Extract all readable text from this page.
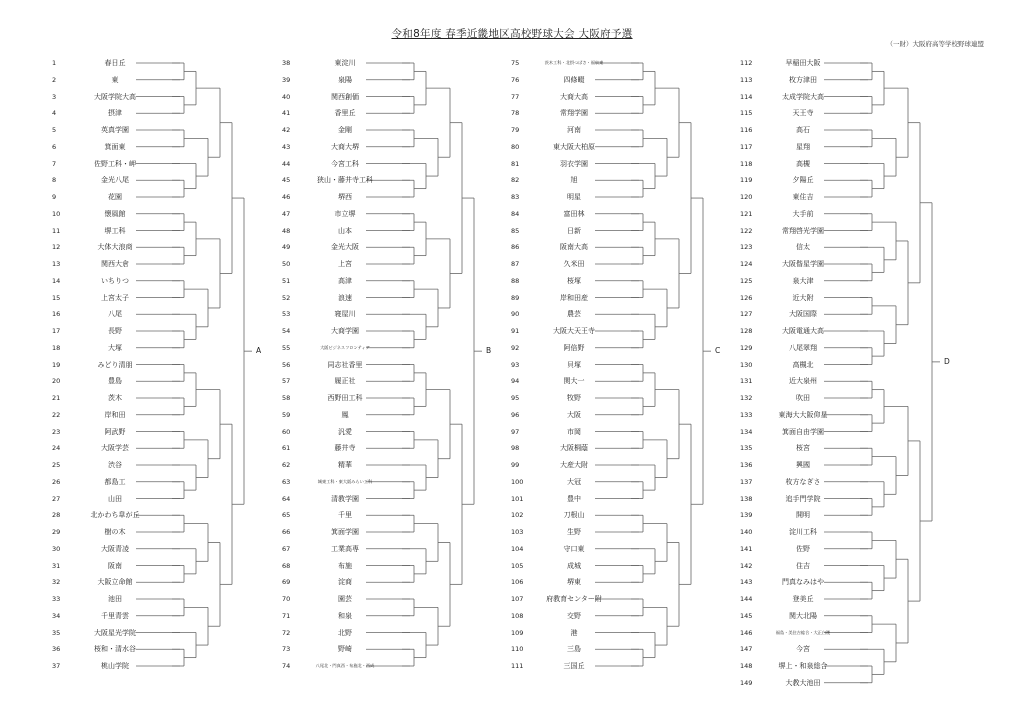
令和8年度 春季近畿地区高校野球大会 大阪府予選
（一財）大阪府高等学校野球連盟
1	春日丘
2	東
3	大阪学院大高
4	摂津
5	英真学園
6	箕面東
7	佐野工科・岬
8	金光八尾
9	花園
10	懐風館
11	堺工科
12	大体大浪商
13	関西大倉
14	いちりつ
15	上宮太子
16	八尾
17	長野
18	大塚
19	みどり清朋
20	豊島
21	茨木
22	岸和田
23	阿武野
24	大阪学芸
25	渋谷
26	都島工
27	山田
28	北かわち皐が丘
29	樹の木
30	大阪青凌
31	阪南
32	大阪立命館
33	池田
34	千里青雲
35	大阪星光学院
36	桜和・清水谷
37	桃山学院
A
38	東淀川
39	泉陽
40	関西創価
41	香里丘
42	金剛
43	大商大堺
44	今宮工科
45	狭山・藤井寺工科
46	堺西
47	市立堺
48	山本
49	金光大阪
50	上宮
51	高津
52	浪速
53	寝屋川
54	大商学園
55	大阪ビジネスフロンティア
56	同志社香里
57	履正社
58	西野田工科
59	鳳
60	汎愛
61	藤井寺
62	精華
63	城東工科・東大阪みらい工科
64	清教学園
65	千里
66	箕面学園
67	工業高専
68	布施
69	淀商
70	園芸
71	和泉
72	北野
73	野崎
74	八尾北・門真西・布施北・西成
B
75	茨木工科・北摂つばさ・福泉東
76	四條畷
77	大商大高
78	常翔学園
79	河南
80	東大阪大柏原
81	羽衣学園
82	旭
83	明星
84	富田林
85	日新
86	阪南大高
87	久米田
88	桜塚
89	岸和田産
90	農芸
91	大阪大天王寺
92	阿倍野
93	貝塚
94	関大一
95	牧野
96	大阪
97	市岡
98	大阪桐蔭
99	大産大附
100	大冠
101	豊中
102	刀根山
103	生野
104	守口東
105	成城
106	堺東
107	府教育センター附
108	交野
109	港
110	三島
111	三国丘
C
112	早稲田大阪
113	枚方津田
114	太成学院大高
115	天王寺
116	高石
117	星翔
118	高槻
119	夕陽丘
120	東住吉
121	大手前
122	常翔啓光学園
123	信太
124	大阪偕星学園
125	泉大津
126	近大附
127	大阪国際
128	大阪電通大高
129	八尾翠翔
130	高槻北
131	近大泉州
132	吹田
133	東海大大阪仰星
134	箕面自由学園
135	桜宮
136	興國
137	枚方なぎさ
138	追手門学院
139	開明
140	淀川工科
141	佐野
142	住吉
143	門真なみはや
144	登美丘
145	関大北陽
146	福島・美住吉総合・大正白稜
147	今宮
148	堺上・和泉総合
149	大教大池田
D
